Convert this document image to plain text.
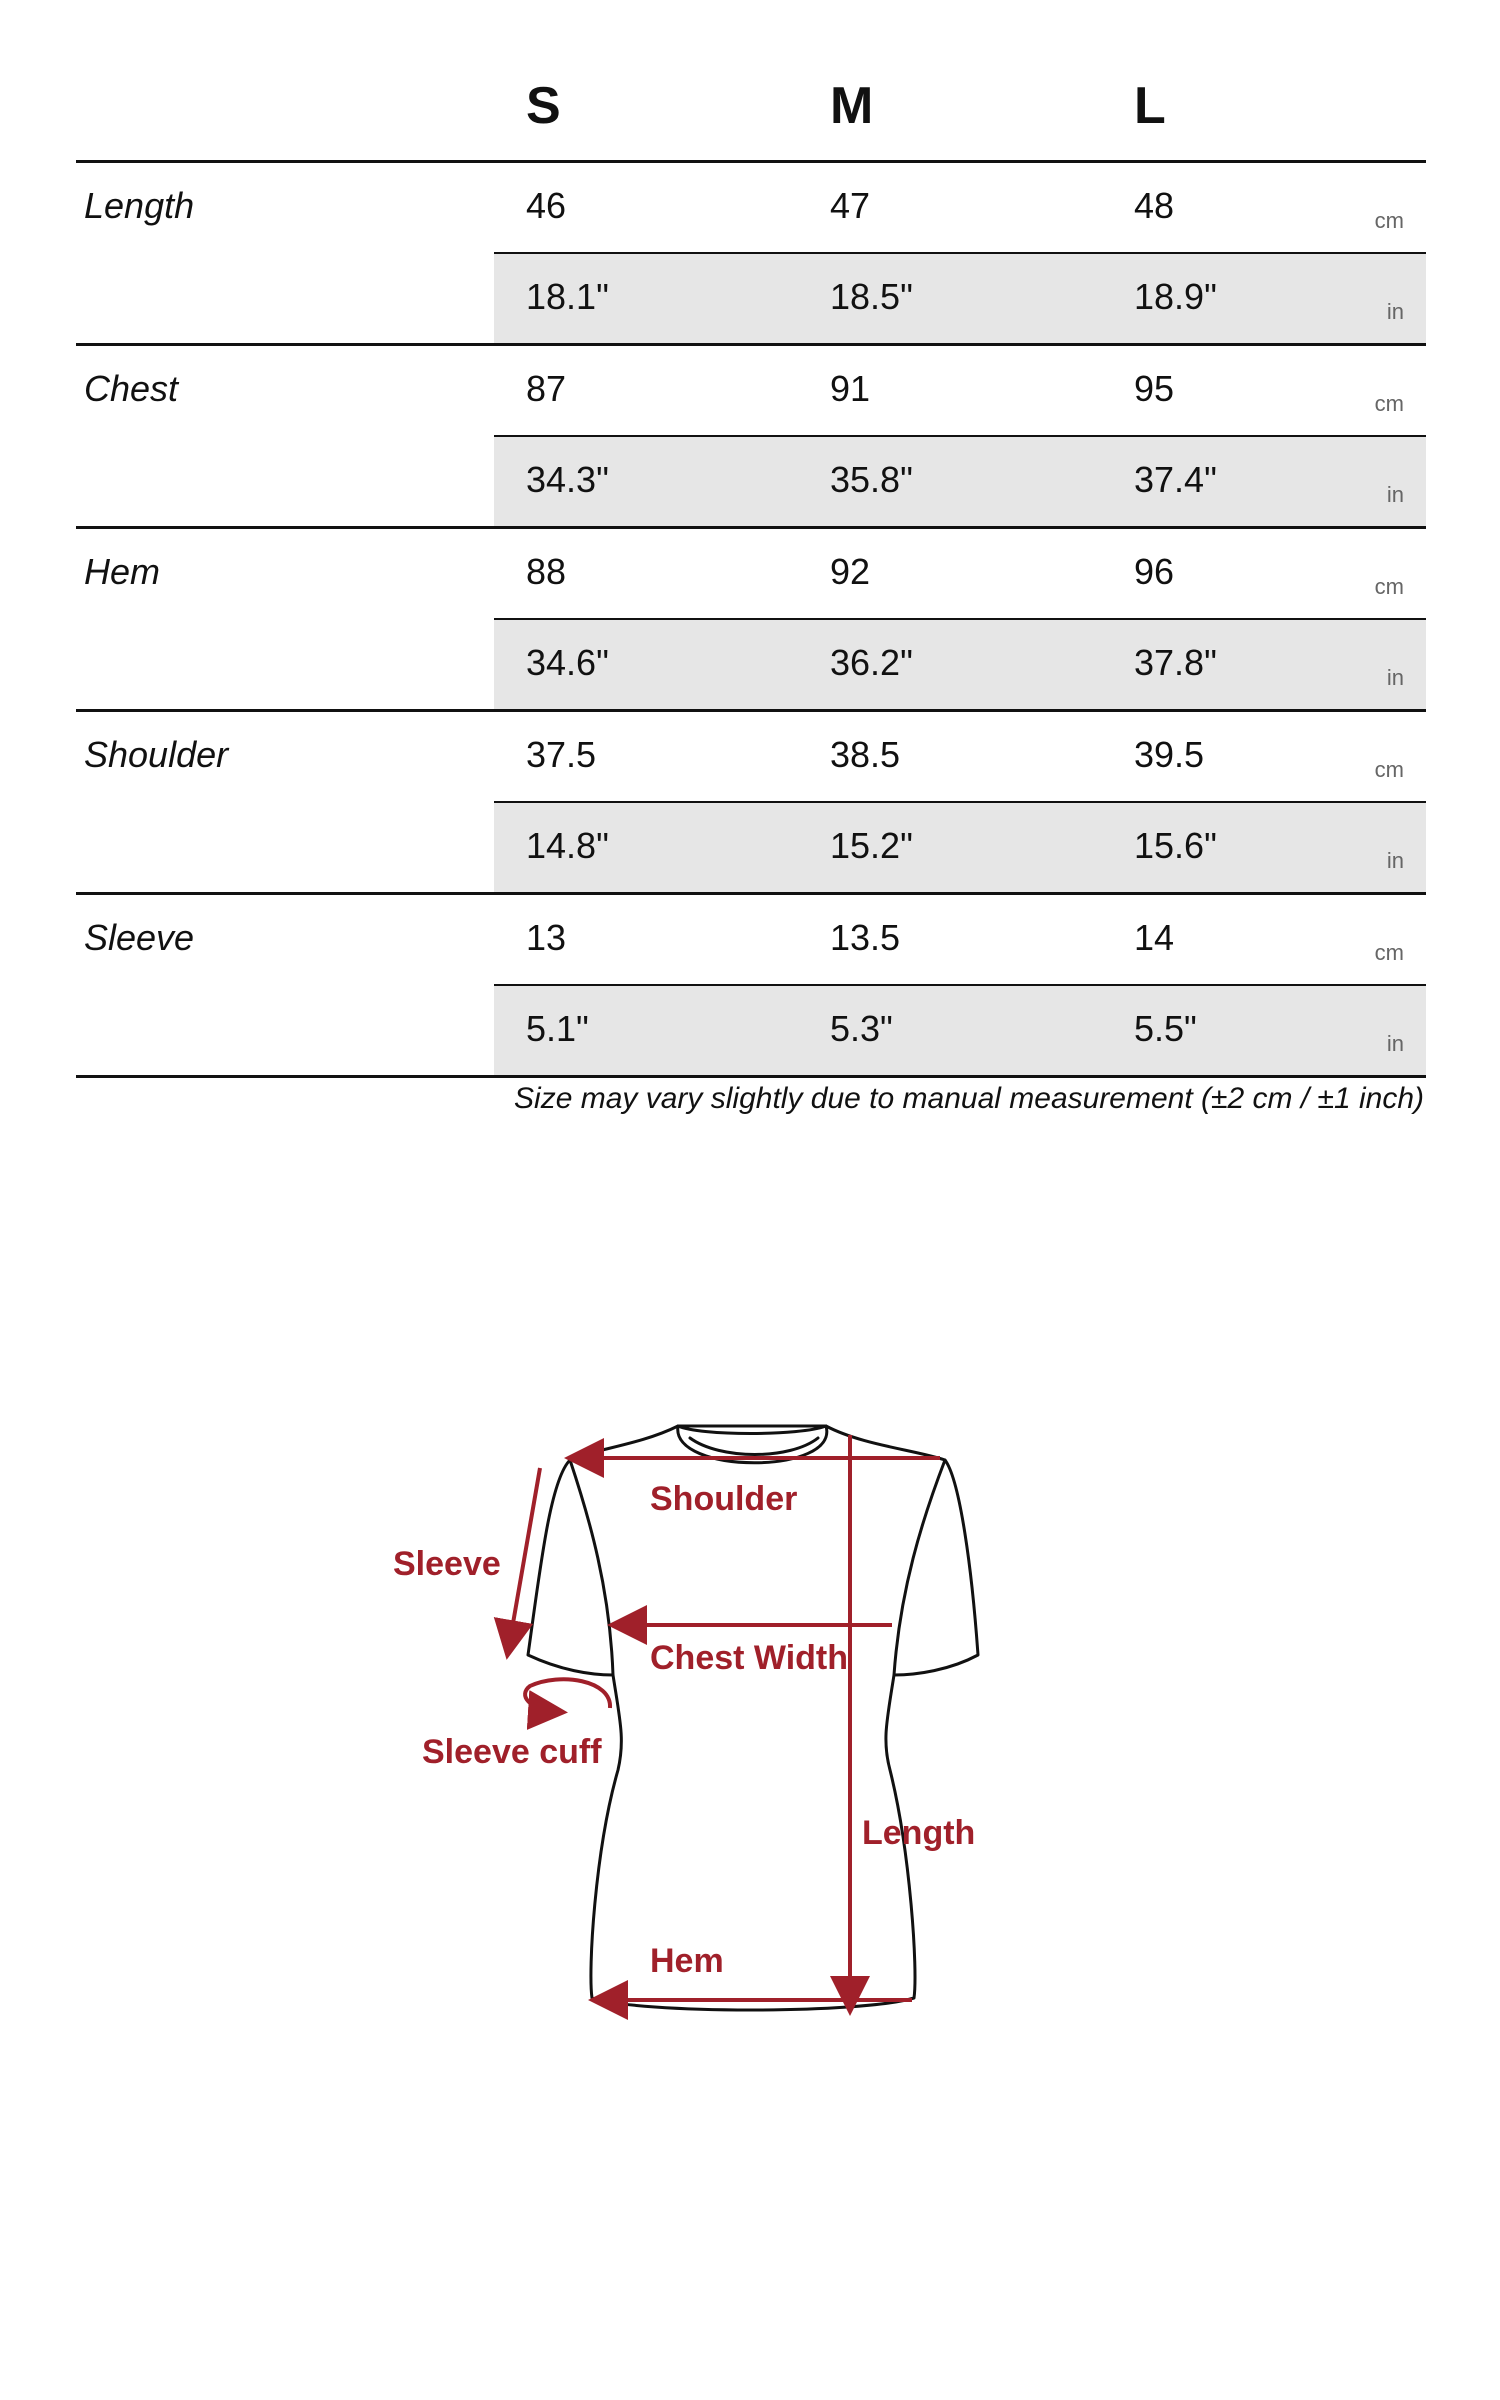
S	M	L
Length	46	47	48	cm
18.1"	18.5"	18.9"	in
Chest	87	91	95	cm
34.3"	35.8"	37.4"	in
Hem	88	92	96	cm
34.6"	36.2"	37.8"	in
Shoulder	37.5	38.5	39.5	cm
14.8"	15.2"	15.6"	in
Sleeve	13	13.5	14	cm
5.1"	5.3"	5.5"	in
Size may vary slightly due to manual measurement (±2 cm / ±1 inch)
Shoulder
Sleeve
Chest Width
Sleeve cuff
Length
Hem
